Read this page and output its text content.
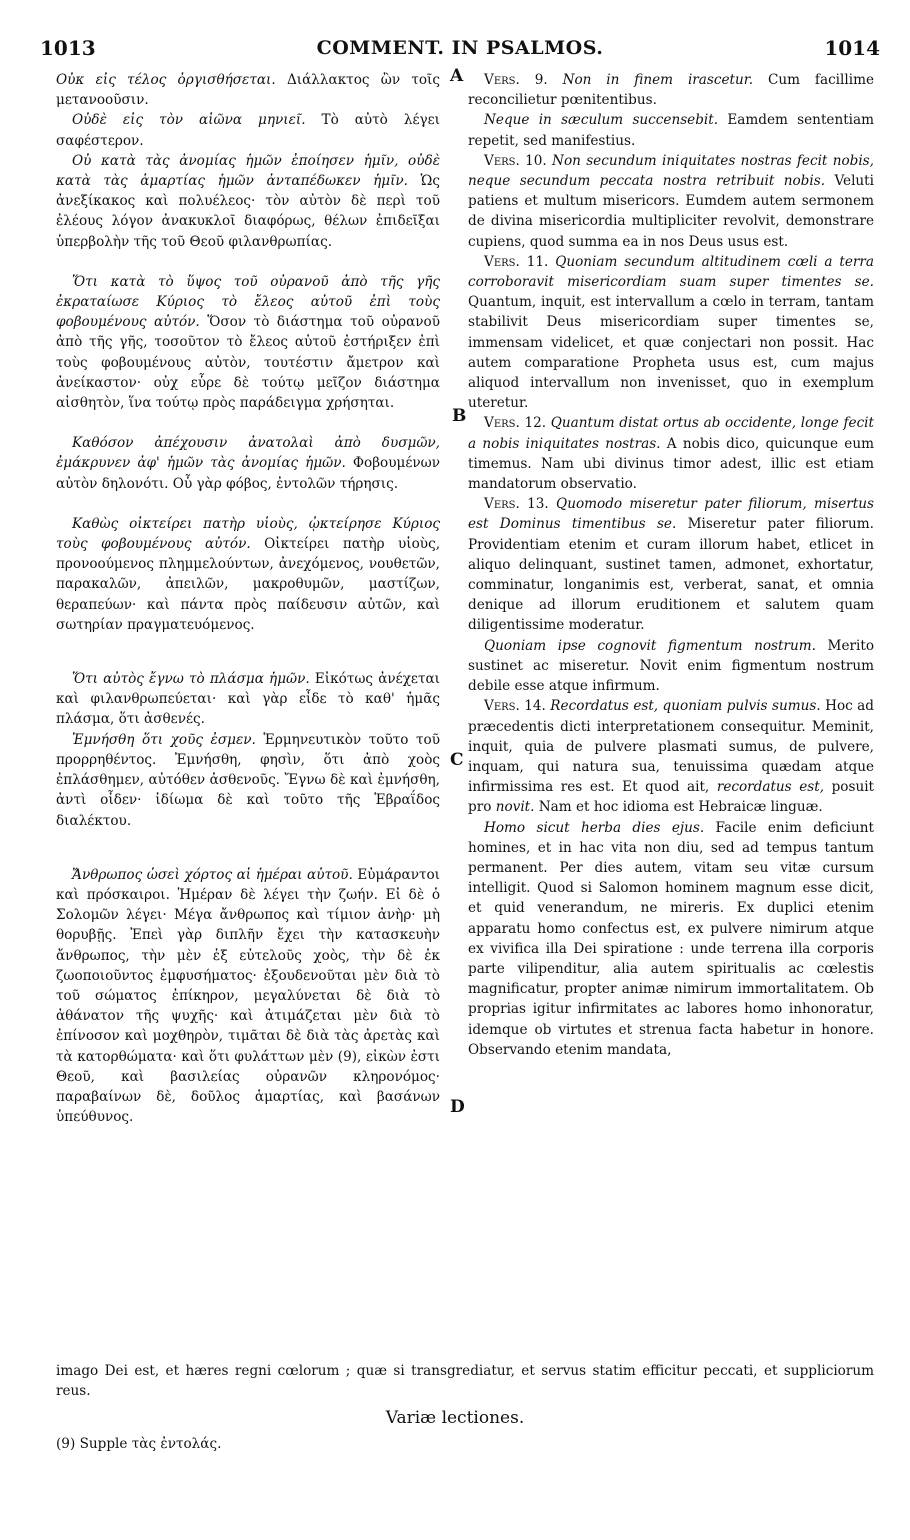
1013	COMMENT. IN PSALMOS.	1014

Οὐκ εἰς τέλος ὀργισθήσεται. Διάλλακτος ὢν τοῖς μετανοοῦσιν.

Οὐδὲ εἰς τὸν αἰῶνα μηνιεῖ. Τὸ αὐτὸ λέγει σαφέστερον.

Οὐ κατὰ τὰς ἀνομίας ἡμῶν ἐποίησεν ἡμῖν, οὐδὲ κατὰ τὰς ἁμαρτίας ἡμῶν ἀνταπέδωκεν ἡμῖν. Ὡς ἀνεξίκακος καὶ πολυέλεος· τὸν αὐτὸν δὲ περὶ τοῦ ἐλέους λόγον ἀνακυκλοῖ διαφόρως, θέλων ἐπιδεῖξαι ὑπερβολὴν τῆς τοῦ Θεοῦ φιλανθρωπίας.

Ὅτι κατὰ τὸ ὕψος τοῦ οὐρανοῦ ἀπὸ τῆς γῆς ἐκραταίωσε Κύριος τὸ ἔλεος αὐτοῦ ἐπὶ τοὺς φοβουμένους αὐτόν. Ὅσον τὸ διάστημα τοῦ οὐρανοῦ ἀπὸ τῆς γῆς, τοσοῦτον τὸ ἔλεος αὐτοῦ ἐστήριξεν ἐπὶ τοὺς φοβουμένους αὐτὸν, τουτέστιν ἄμετρον καὶ ἀνείκαστον· οὐχ εὗρε δὲ τούτῳ μεῖζον διάστημα αἰσθητὸν, ἵνα τούτῳ πρὸς παράδειγμα χρήσηται.

Καθόσον ἀπέχουσιν ἀνατολαὶ ἀπὸ δυσμῶν, ἐμάκρυνεν ἀφ' ἡμῶν τὰς ἀνομίας ἡμῶν. Φοβουμένων αὐτὸν δηλονότι. Οὗ γὰρ φόβος, ἐντολῶν τήρησις.

Καθὼς οἰκτείρει πατὴρ υἱοὺς, ᾠκτείρησε Κύριος τοὺς φοβουμένους αὐτόν. Οἰκτείρει πατὴρ υἱοὺς, προνοούμενος πλημμελούντων, ἀνεχόμενος, νουθετῶν, παρακαλῶν, ἀπειλῶν, μακροθυμῶν, μαστίζων, θεραπεύων· καὶ πάντα πρὸς παίδευσιν αὐτῶν, καὶ σωτηρίαν πραγματευόμενος.

Ὅτι αὐτὸς ἔγνω τὸ πλάσμα ἡμῶν. Εἰκότως ἀνέχεται καὶ φιλανθρωπεύεται· καὶ γὰρ εἶδε τὸ καθ' ἡμᾶς πλάσμα, ὅτι ἀσθενές.

Ἐμνήσθη ὅτι χοῦς ἐσμεν. Ἑρμηνευτικὸν τοῦτο τοῦ προρρηθέντος. Ἐμνήσθη, φησὶν, ὅτι ἀπὸ χοὸς ἐπλάσθημεν, αὐτόθεν ἀσθενοῦς. Ἔγνω δὲ καὶ ἐμνήσθη, ἀντὶ οἶδεν· ἰδίωμα δὲ καὶ τοῦτο τῆς Ἑβραΐδος διαλέκτου.

Ἄνθρωπος ὡσεὶ χόρτος αἱ ἡμέραι αὐτοῦ. Εὐμάραντοι καὶ πρόσκαιροι. Ἡμέραν δὲ λέγει τὴν ζωήν. Εἰ δὲ ὁ Σολομῶν λέγει· Μέγα ἄνθρωπος καὶ τίμιον ἀνὴρ· μὴ θορυβῇς. Ἐπεὶ γὰρ διπλῆν ἔχει τὴν κατασκευὴν ἄνθρωπος, τὴν μὲν ἐξ εὐτελοῦς χοὸς, τὴν δὲ ἐκ ζωοποιοῦντος ἐμφυσήματος· ἐξουδενοῦται μὲν διὰ τὸ τοῦ σώματος ἐπίκηρον, μεγαλύνεται δὲ διὰ τὸ ἀθάνατον τῆς ψυχῆς· καὶ ἀτιμάζεται μὲν διὰ τὸ ἐπίνοσον καὶ μοχθηρὸν, τιμᾶται δὲ διὰ τὰς ἀρετὰς καὶ τὰ κατορθώματα· καὶ ὅτι φυλάττων μὲν (9), εἰκὼν ἐστι Θεοῦ, καὶ βασιλείας οὐρανῶν κληρονόμος· παραβαίνων δὲ, δοῦλος ἁμαρτίας, καὶ βασάνων ὑπεύθυνος.

A
B
C
D

Vers. 9. Non in finem irascetur. Cum facillime reconcilietur pœnitentibus.

Neque in sæculum succensebit. Eamdem sententiam repetit, sed manifestius.

Vers. 10. Non secundum iniquitates nostras fecit nobis, neque secundum peccata nostra retribuit nobis. Veluti patiens et multum misericors. Eumdem autem sermonem de divina misericordia multipliciter revolvit, demonstrare cupiens, quod summa ea in nos Deus usus est.

Vers. 11. Quoniam secundum altitudinem cœli a terra corroboravit misericordiam suam super timentes se. Quantum, inquit, est intervallum a cœlo in terram, tantam stabilivit Deus misericordiam super timentes se, immensam videlicet, et quæ conjectari non possit. Hac autem comparatione Propheta usus est, cum majus aliquod intervallum non invenisset, quo in exemplum uteretur.

Vers. 12. Quantum distat ortus ab occidente, longe fecit a nobis iniquitates nostras. A nobis dico, quicunque eum timemus. Nam ubi divinus timor adest, illic est etiam mandatorum observatio.

Vers. 13. Quomodo miseretur pater filiorum, misertus est Dominus timentibus se. Miseretur pater filiorum. Providentiam etenim et curam illorum habet, etlicet in aliquo delinquant, sustinet tamen, admonet, exhortatur, comminatur, longanimis est, verberat, sanat, et omnia denique ad illorum eruditionem et salutem quam diligentissime moderatur.

Quoniam ipse cognovit figmentum nostrum. Merito sustinet ac miseretur. Novit enim figmentum nostrum debile esse atque infirmum.

Vers. 14. Recordatus est, quoniam pulvis sumus. Hoc ad præcedentis dicti interpretationem consequitur. Meminit, inquit, quia de pulvere plasmati sumus, de pulvere, inquam, qui natura sua, tenuissima quædam atque infirmissima res est. Et quod ait, recordatus est, posuit pro novit. Nam et hoc idioma est Hebraicæ linguæ.

Homo sicut herba dies ejus. Facile enim deficiunt homines, et in hac vita non diu, sed ad tempus tantum permanent. Per dies autem, vitam seu vitæ cursum intelligit. Quod si Salomon hominem magnum esse dicit, et quid venerandum, ne mireris. Ex duplici etenim apparatu homo confectus est, ex pulvere nimirum atque ex vivifica illa Dei spiratione : unde terrena illa corporis parte vilipenditur, alia autem spiritualis ac cœlestis magnificatur, propter animæ nimirum immortalitatem. Ob proprias igitur infirmitates ac labores homo inhonoratur, idemque ob virtutes et strenua facta habetur in honore. Observando etenim mandata,

imago Dei est, et hæres regni cœlorum ; quæ si transgrediatur, et servus statim efficitur peccati, et suppliciorum reus.
Variæ lectiones.
(9) Supple τὰς ἐντολάς.
